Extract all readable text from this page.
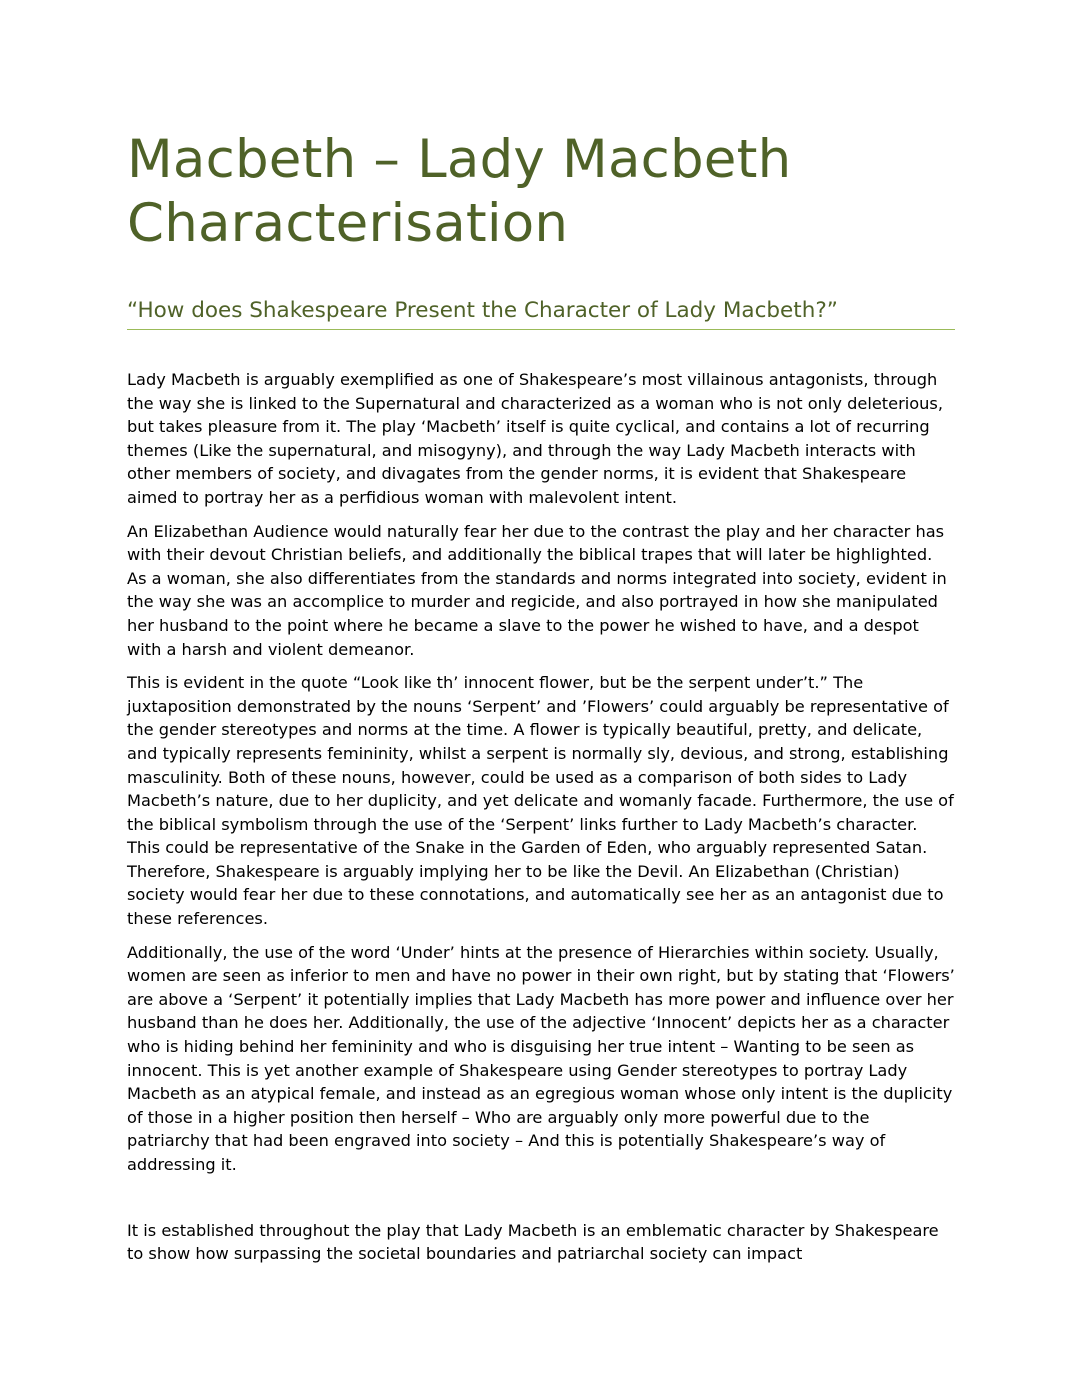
Macbeth – Lady Macbeth
Characterisation
“How does Shakespeare Present the Character of Lady Macbeth?”

Lady Macbeth is arguably exemplified as one of Shakespeare’s most villainous antagonists, through the way she is linked to the Supernatural and characterized as a woman who is not only deleterious, but takes pleasure from it. The play ‘Macbeth’ itself is quite cyclical, and contains a lot of recurring themes (Like the supernatural, and misogyny), and through the way Lady Macbeth interacts with other members of society, and divagates from the gender norms, it is evident that Shakespeare aimed to portray her as a perfidious woman with malevolent intent.

An Elizabethan Audience would naturally fear her due to the contrast the play and her character has with their devout Christian beliefs, and additionally the biblical trapes that will later be highlighted. As a woman, she also differentiates from the standards and norms integrated into society, evident in the way she was an accomplice to murder and regicide, and also portrayed in how she manipulated her husband to the point where he became a slave to the power he wished to have, and a despot with a harsh and violent demeanor.

This is evident in the quote “Look like th’ innocent flower, but be the serpent under’t.” The juxtaposition demonstrated by the nouns ‘Serpent’ and ’Flowers’ could arguably be representative of the gender stereotypes and norms at the time. A flower is typically beautiful, pretty, and delicate, and typically represents femininity, whilst a serpent is normally sly, devious, and strong, establishing masculinity. Both of these nouns, however, could be used as a comparison of both sides to Lady Macbeth’s nature, due to her duplicity, and yet delicate and womanly facade. Furthermore, the use of the biblical symbolism through the use of the ‘Serpent’ links further to Lady Macbeth’s character. This could be representative of the Snake in the Garden of Eden, who arguably represented Satan. Therefore, Shakespeare is arguably implying her to be like the Devil. An Elizabethan (Christian) society would fear her due to these connotations, and automatically see her as an antagonist due to these references.

Additionally, the use of the word ‘Under’ hints at the presence of Hierarchies within society. Usually, women are seen as inferior to men and have no power in their own right, but by stating that ‘Flowers’ are above a ‘Serpent’ it potentially implies that Lady Macbeth has more power and influence over her husband than he does her. Additionally, the use of the adjective ‘Innocent’ depicts her as a character who is hiding behind her femininity and who is disguising her true intent – Wanting to be seen as innocent. This is yet another example of Shakespeare using Gender stereotypes to portray Lady Macbeth as an atypical female, and instead as an egregious woman whose only intent is the duplicity of those in a higher position then herself – Who are arguably only more powerful due to the patriarchy that had been engraved into society – And this is potentially Shakespeare’s way of addressing it.

It is established throughout the play that Lady Macbeth is an emblematic character by Shakespeare to show how surpassing the societal boundaries and patriarchal society can impact
